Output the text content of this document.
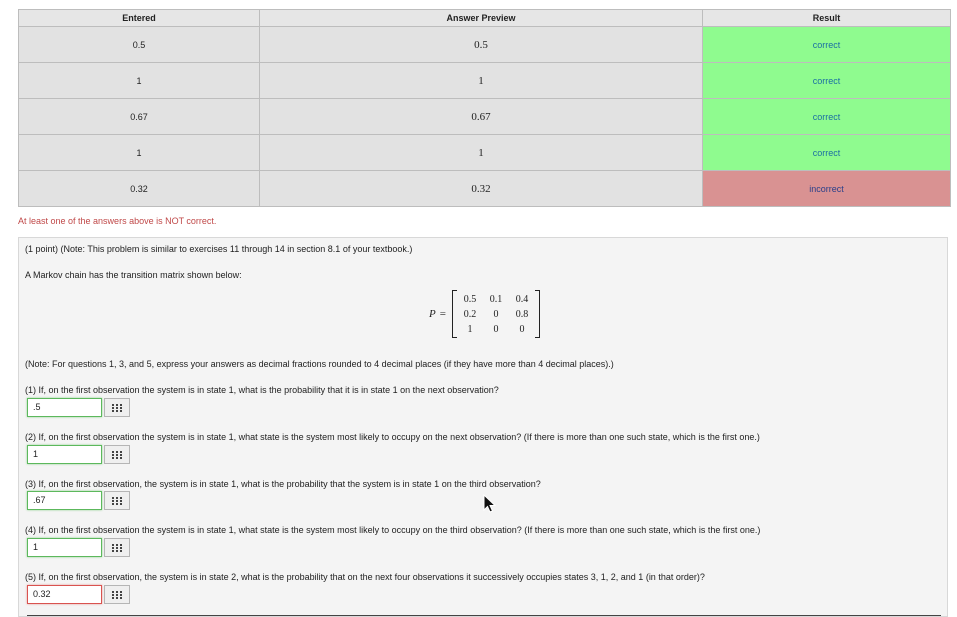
Entered	Answer Preview	Result
0.5	0.5	correct
1	1	correct
0.67	0.67	correct
1	1	correct
0.32	0.32	incorrect
At least one of the answers above is NOT correct.
(1 point) (Note: This problem is similar to exercises 11 through 14 in section 8.1 of your textbook.)
A Markov chain has the transition matrix shown below:
P =
0.5	0.1	0.4
0.2	0	0.8
1	0	0
(Note: For questions 1, 3, and 5, express your answers as decimal fractions rounded to 4 decimal places (if they have more than 4 decimal places).)
(1) If, on the first observation the system is in state 1, what is the probability that it is in state 1 on the next observation?
.5
(2) If, on the first observation the system is in state 1, what state is the system most likely to occupy on the next observation? (If there is more than one such state, which is the first one.)
1
(3) If, on the first observation, the system is in state 1, what is the probability that the system is in state 1 on the third observation?
.67
(4) If, on the first observation the system is in state 1, what state is the system most likely to occupy on the third observation? (If there is more than one such state, which is the first one.)
1
(5) If, on the first observation, the system is in state 2, what is the probability that on the next four observations it successively occupies states 3, 1, 2, and 1 (in that order)?
0.32
